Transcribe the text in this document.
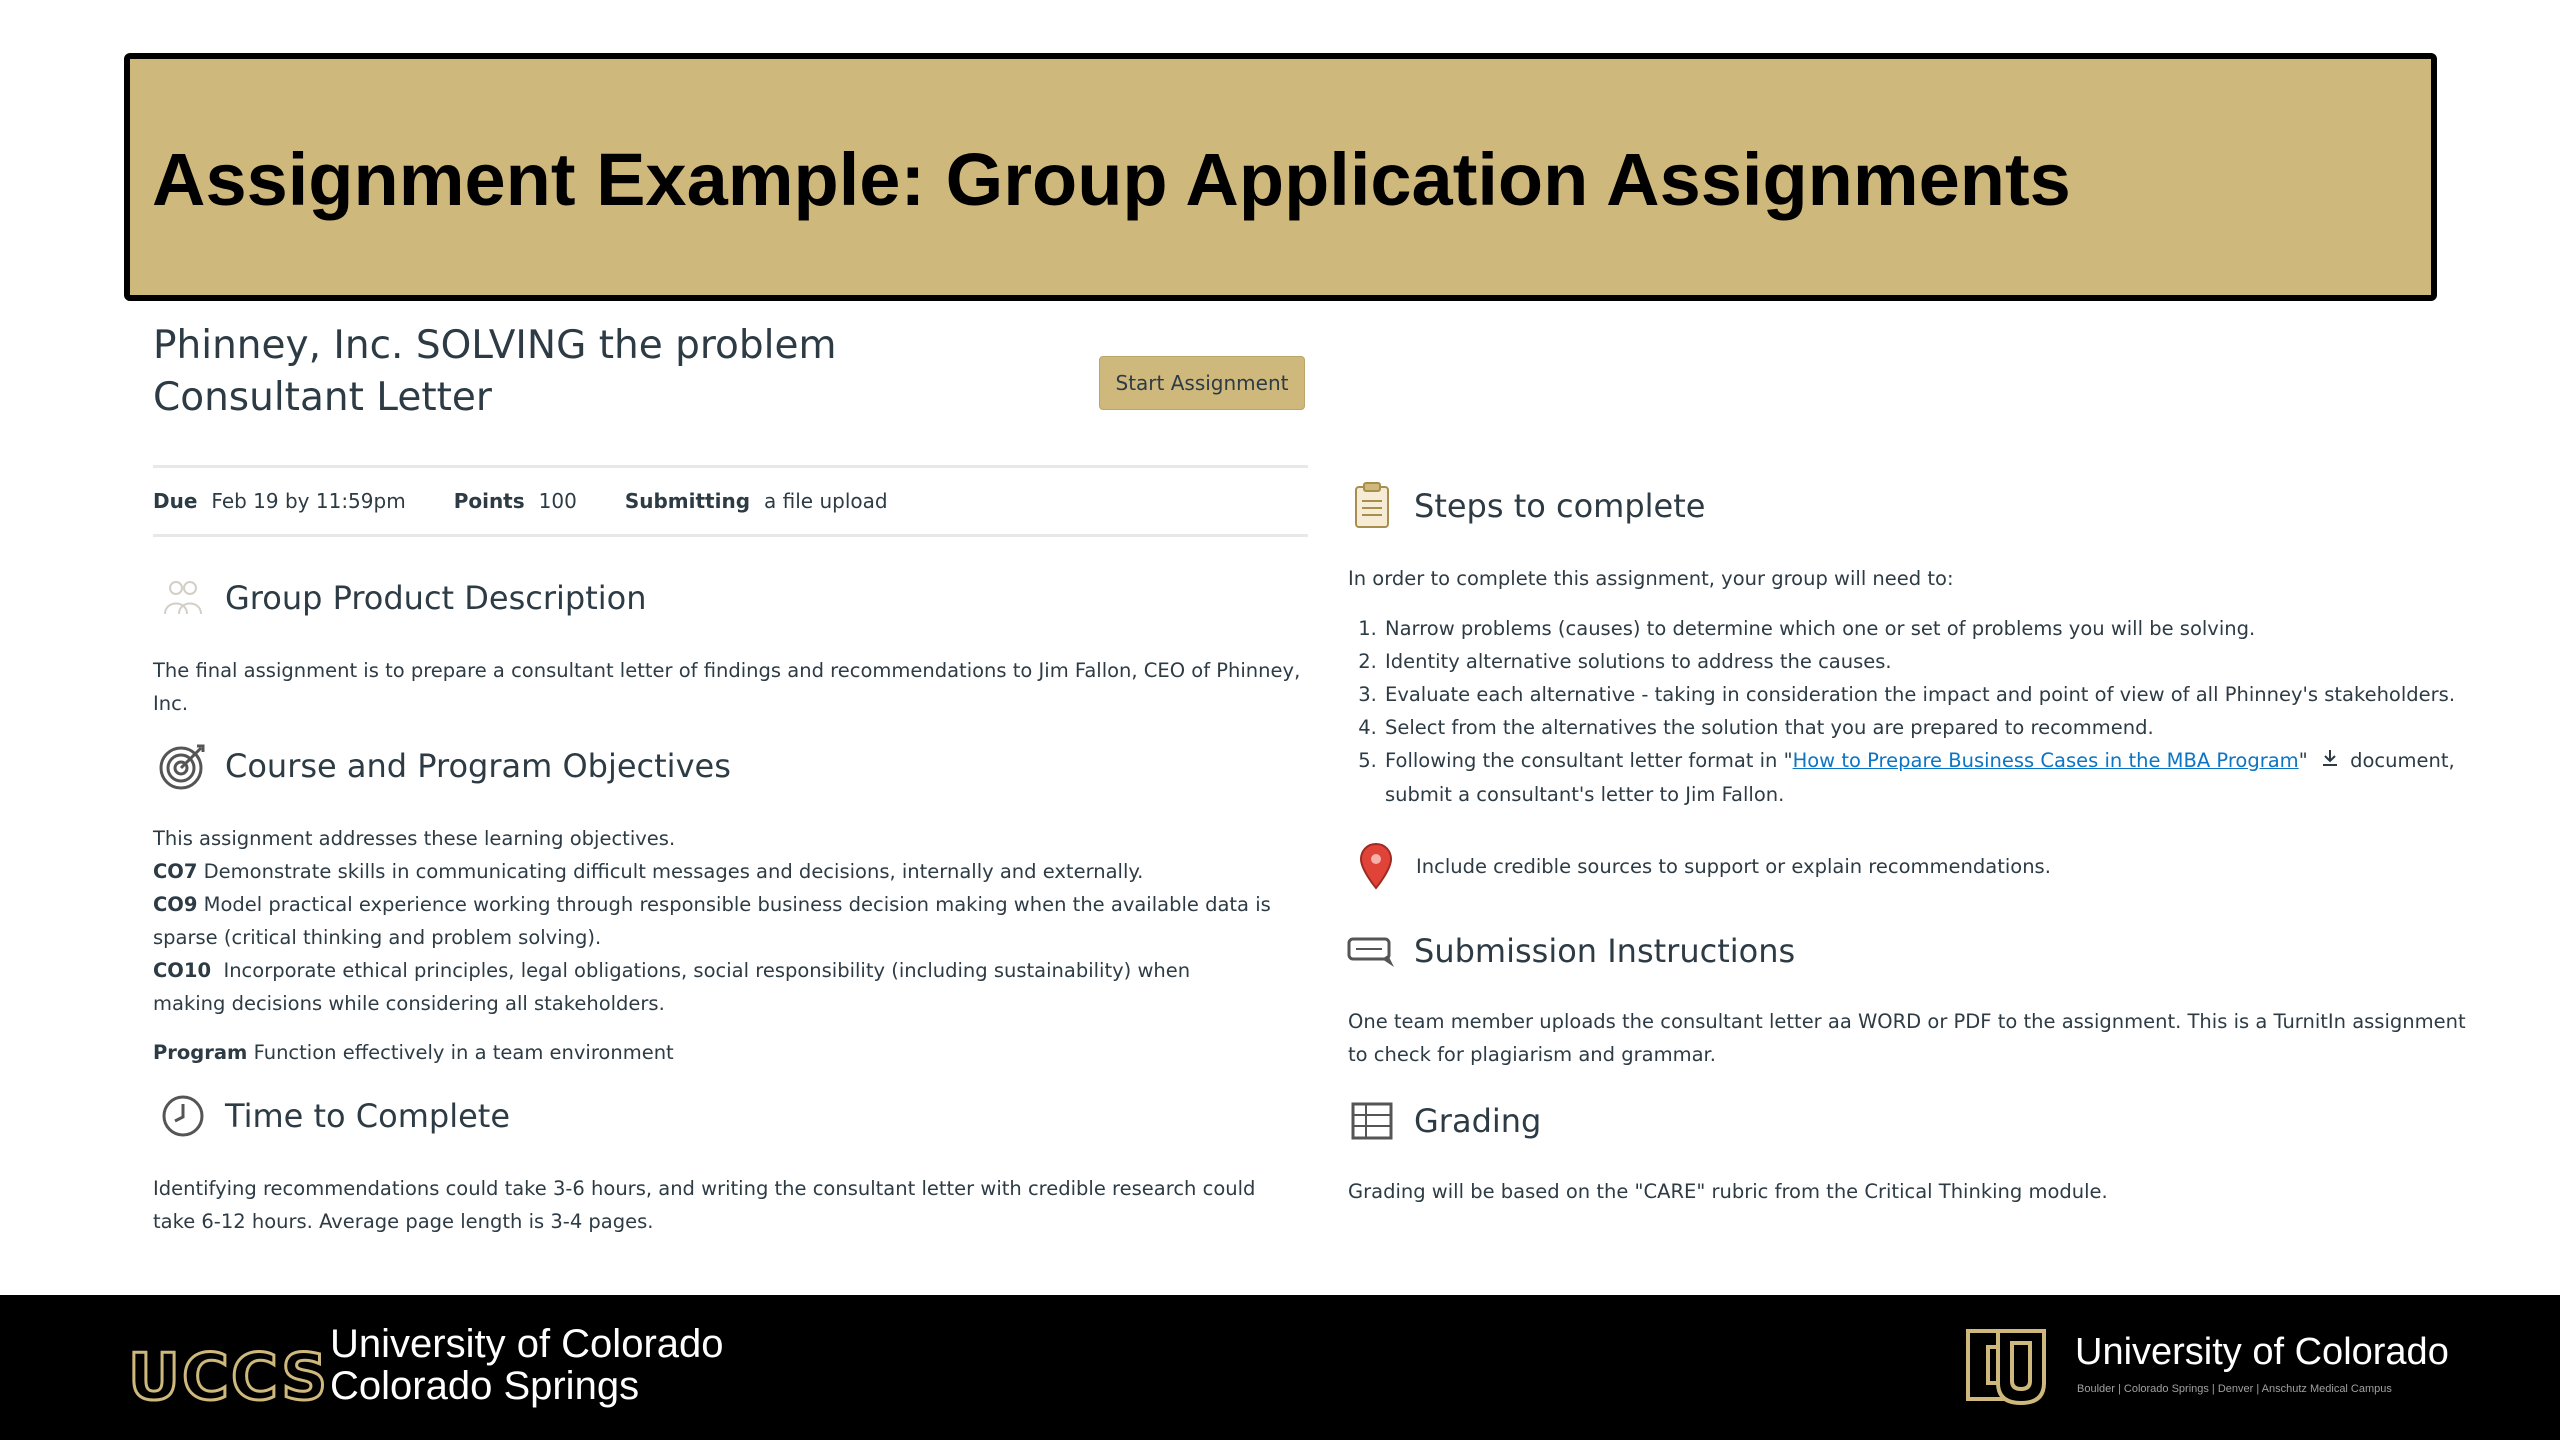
Assignment Example: Group Application Assignments
Phinney, Inc. SOLVING the problem Consultant Letter	Start Assignment
Due Feb 19 by 11:59pm Points 100 Submitting a file upload
Group Product Description
The final assignment is to prepare a consultant letter of findings and recommendations to Jim Fallon, CEO of Phinney, Inc.
Course and Program Objectives
This assignment addresses these learning objectives.
CO7 Demonstrate skills in communicating difficult messages and decisions, internally and externally.
CO9 Model practical experience working through responsible business decision making when the available data is sparse (critical thinking and problem solving).
CO10 Incorporate ethical principles, legal obligations, social responsibility (including sustainability) when making decisions while considering all stakeholders.
Program Function effectively in a team environment
Time to Complete
Identifying recommendations could take 3-6 hours, and writing the consultant letter with credible research could take 6-12 hours. Average page length is 3-4 pages.
Steps to complete
In order to complete this assignment, your group will need to:
1. Narrow problems (causes) to determine which one or set of problems you will be solving.
2. Identity alternative solutions to address the causes.
3. Evaluate each alternative - taking in consideration the impact and point of view of all Phinney's stakeholders.
4. Select from the alternatives the solution that you are prepared to recommend.
5. Following the consultant letter format in "How to Prepare Business Cases in the MBA Program" document, submit a consultant's letter to Jim Fallon.
Include credible sources to support or explain recommendations.
Submission Instructions
One team member uploads the consultant letter aa WORD or PDF to the assignment. This is a TurnitIn assignment to check for plagiarism and grammar.
Grading
Grading will be based on the "CARE" rubric from the Critical Thinking module.
UCCS University of Colorado
Colorado Springs
University of Colorado
Boulder | Colorado Springs | Denver | Anschutz Medical Campus
